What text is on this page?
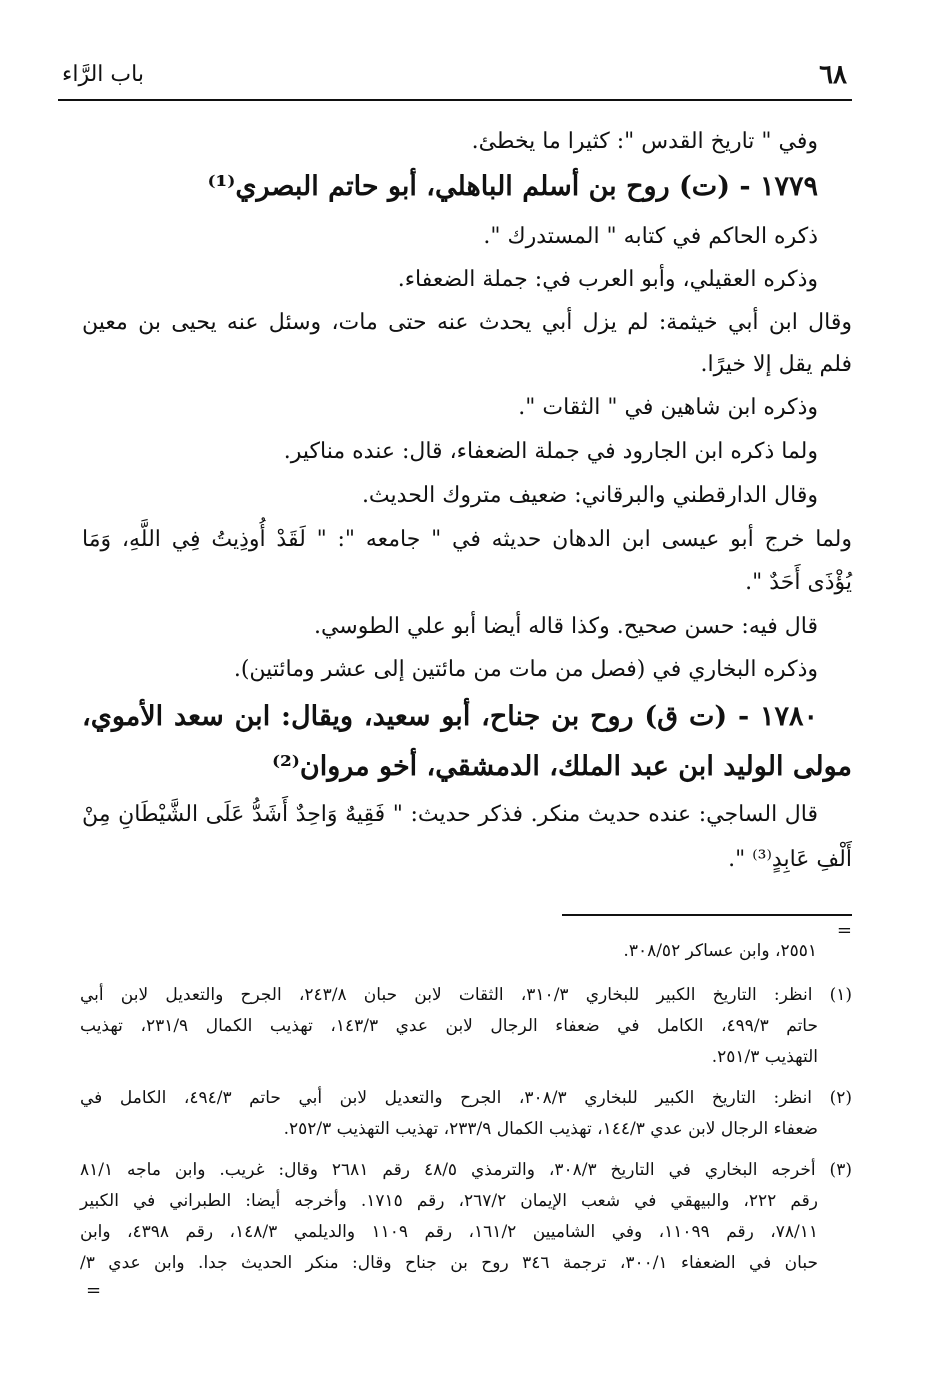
٦٨
باب الرَّاء
وفي " تاريخ القدس ": كثيرا ما يخطئ.
١٧٧٩ - (ت) روح بن أسلم الباهلي، أبو حاتم البصري⁽¹⁾
ذكره الحاكم في كتابه " المستدرك ".
وذكره العقيلي، وأبو العرب في: جملة الضعفاء.
وقال ابن أبي خيثمة: لم يزل أبي يحدث عنه حتى مات، وسئل عنه يحيى بن معين
فلم يقل إلا خيرًا.
وذكره ابن شاهين في " الثقات ".
ولما ذكره ابن الجارود في جملة الضعفاء، قال: عنده مناكير.
وقال الدارقطني والبرقاني: ضعيف متروك الحديث.
ولما خرج أبو عيسى ابن الدهان حديثه في " جامعه ": " لَقَدْ أُوذِيتُ فِي اللَّهِ، وَمَا
يُؤْذَى أَحَدٌ ".
قال فيه: حسن صحيح. وكذا قاله أيضا أبو علي الطوسي.
وذكره البخاري في (فصل من مات من مائتين إلى عشر ومائتين).
١٧٨٠ - (ت ق) روح بن جناح، أبو سعيد، ويقال: ابن سعد الأموي،
مولى الوليد ابن عبد الملك، الدمشقي، أخو مروان⁽²⁾
قال الساجي: عنده حديث منكر. فذكر حديث: " فَقِيهٌ وَاحِدٌ أَشَدُّ عَلَى الشَّيْطَانِ مِنْ
أَلْفِ عَابِدٍ⁽³⁾ ".
=
٢٥٥١، وابن عساكر ٣٠٨/٥٢.
(١) انظر: التاريخ الكبير للبخاري ٣١٠/٣، الثقات لابن حبان ٢٤٣/٨، الجرح والتعديل لابن أبي
حاتم ٤٩٩/٣، الكامل في ضعفاء الرجال لابن عدي ١٤٣/٣، تهذيب الكمال ٢٣١/٩، تهذيب
التهذيب ٢٥١/٣.
(٢) انظر: التاريخ الكبير للبخاري ٣٠٨/٣، الجرح والتعديل لابن أبي حاتم ٤٩٤/٣، الكامل في
ضعفاء الرجال لابن عدي ١٤٤/٣، تهذيب الكمال ٢٣٣/٩، تهذيب التهذيب ٢٥٢/٣.
(٣) أخرجه البخاري في التاريخ ٣٠٨/٣، والترمذي ٤٨/٥ رقم ٢٦٨١ وقال: غريب. وابن ماجه ٨١/١
رقم ٢٢٢، والبيهقي في شعب الإيمان ٢٦٧/٢، رقم ١٧١٥. وأخرجه أيضا: الطبراني في الكبير
٧٨/١١، رقم ١١٠٩٩، وفي الشاميين ١٦١/٢، رقم ١١٠٩ والديلمي ١٤٨/٣، رقم ٤٣٩٨، وابن
حبان في الضعفاء ٣٠٠/١، ترجمة ٣٤٦ روح بن جناح وقال: منكر الحديث جدا. وابن عدي ٣/
=
